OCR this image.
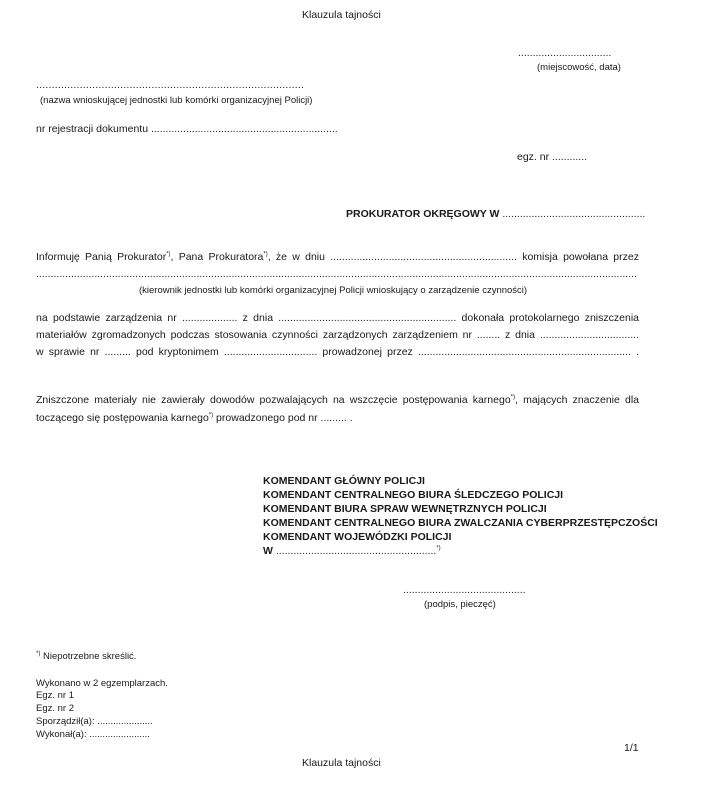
Klauzula tajności
................................
(miejscowość, data)
......................................................................................
(nazwa wnioskującej jednostki lub komórki organizacyjnej Policji)
nr rejestracji dokumentu ................................................................
egz. nr ............
PROKURATOR OKRĘGOWY W .................................................
Informuję Panią Prokurator*), Pana Prokuratora*), że w dniu ................................................................ komisja powołana przez
..............................................................................................................................................................................................................
(kierownik jednostki lub komórki organizacyjnej Policji wnioskujący o zarządzenie czynności)
na podstawie zarządzenia nr ................... z dnia ............................................................. dokonała protokolarnego zniszczenia
materiałów zgromadzonych podczas stosowania czynności zarządzonych zarządzeniem nr ........ z dnia ..................................
w sprawie nr ......... pod kryptonimem ................................ prowadzonej przez ......................................................................... .
Zniszczone materiały nie zawierały dowodów pozwalających na wszczęcie postępowania karnego*), mających znaczenie dla
toczącego się postępowania karnego*) prowadzonego pod nr ......... .
KOMENDANT GŁÓWNY POLICJI
KOMENDANT CENTRALNEGO BIURA ŚLEDCZEGO POLICJI
KOMENDANT BIURA SPRAW WEWNĘTRZNYCH POLICJI
KOMENDANT CENTRALNEGO BIURA ZWALCZANIA CYBERPRZESTĘPCZOŚCI
KOMENDANT WOJEWÓDZKI POLICJI
W .......................................................*)
..........................................
(podpis, pieczęć)
*) Niepotrzebne skreślić.
Wykonano w 2 egzemplarzach.
Egz. nr 1
Egz. nr 2
Sporządził(a): .....................
Wykonał(a): .......................
1/1
Klauzula tajności
